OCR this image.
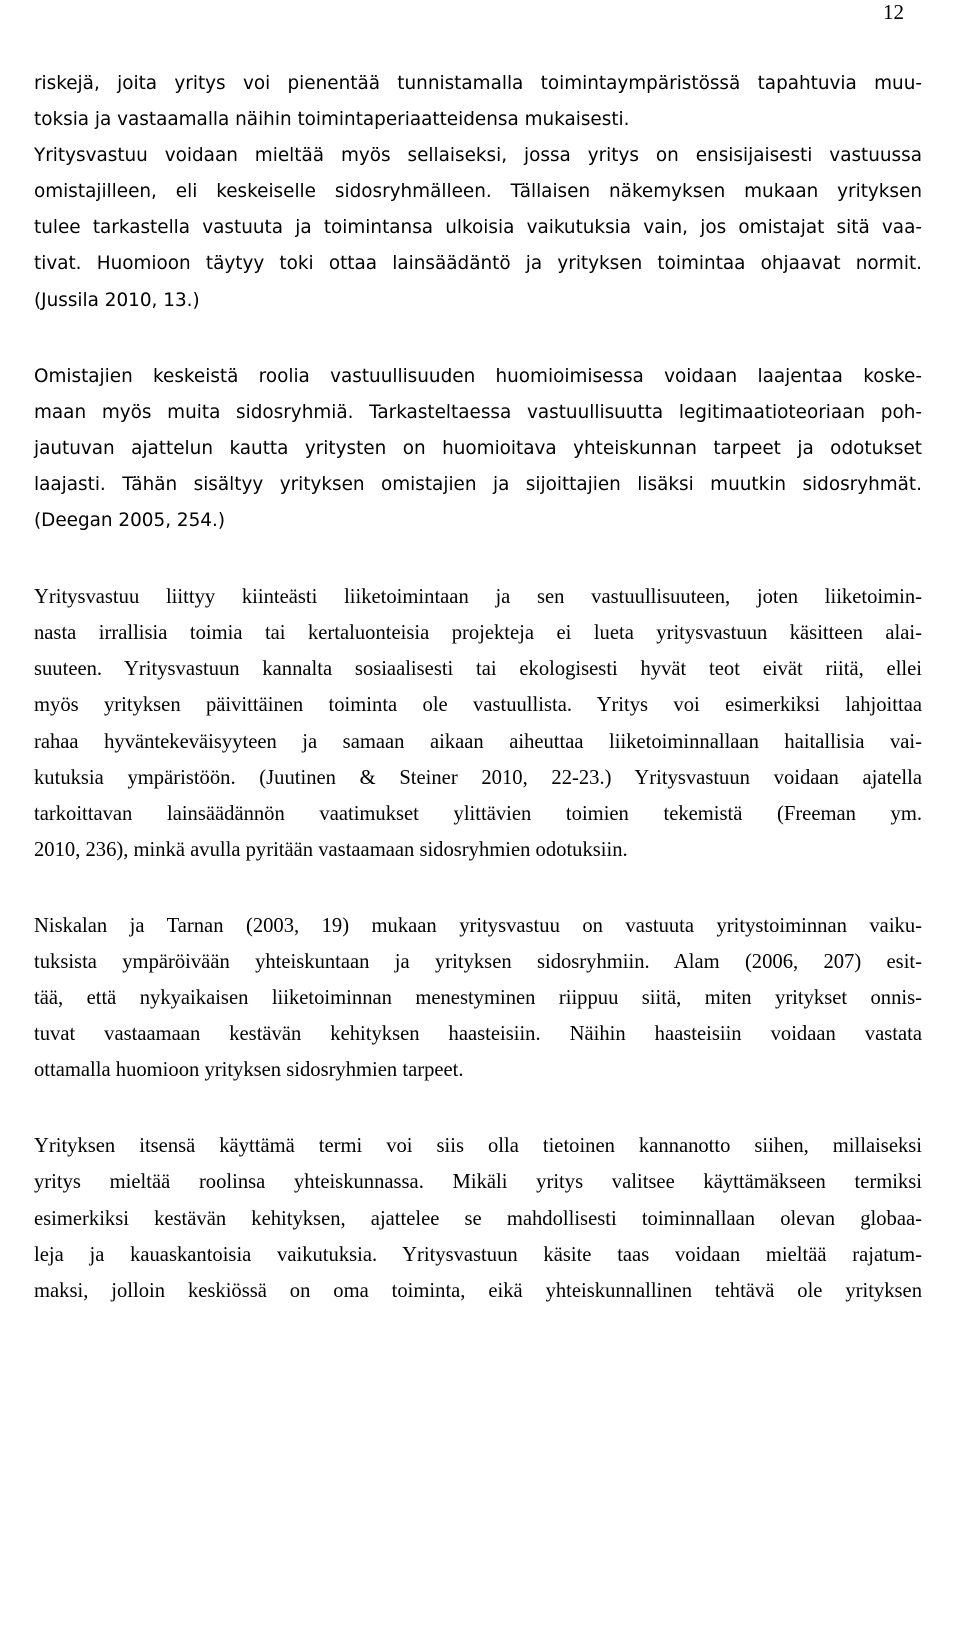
12

riskejä, joita yritys voi pienentää tunnistamalla toimintaympäristössä tapahtuvia muu-
toksia ja vastaamalla näihin toimintaperiaatteidensa mukaisesti.
Yritysvastuu voidaan mieltää myös sellaiseksi, jossa yritys on ensisijaisesti vastuussa
omistajilleen, eli keskeiselle sidosryhmälleen. Tällaisen näkemyksen mukaan yrityksen
tulee tarkastella vastuuta ja toimintansa ulkoisia vaikutuksia vain, jos omistajat sitä vaa-
tivat. Huomioon täytyy toki ottaa lainsäädäntö ja yrityksen toimintaa ohjaavat normit.
(Jussila 2010, 13.)

Omistajien keskeistä roolia vastuullisuuden huomioimisessa voidaan laajentaa koske-
maan myös muita sidosryhmiä. Tarkasteltaessa vastuullisuutta legitimaatioteoriaan poh-
jautuvan ajattelun kautta yritysten on huomioitava yhteiskunnan tarpeet ja odotukset
laajasti. Tähän sisältyy yrityksen omistajien ja sijoittajien lisäksi muutkin sidosryhmät.
(Deegan 2005, 254.)

Yritysvastuu liittyy kiinteästi liiketoimintaan ja sen vastuullisuuteen, joten liiketoimin-
nasta irrallisia toimia tai kertaluonteisia projekteja ei lueta yritysvastuun käsitteen alai-
suuteen. Yritysvastuun kannalta sosiaalisesti tai ekologisesti hyvät teot eivät riitä, ellei
myös yrityksen päivittäinen toiminta ole vastuullista. Yritys voi esimerkiksi lahjoittaa
rahaa hyväntekeväisyyteen ja samaan aikaan aiheuttaa liiketoiminnallaan haitallisia vai-
kutuksia ympäristöön. (Juutinen & Steiner 2010, 22-23.) Yritysvastuun voidaan ajatella
tarkoittavan lainsäädännön vaatimukset ylittävien toimien tekemistä (Freeman ym.
2010, 236), minkä avulla pyritään vastaamaan sidosryhmien odotuksiin.

Niskalan ja Tarnan (2003, 19) mukaan yritysvastuu on vastuuta yritystoiminnan vaiku-
tuksista ympäröivään yhteiskuntaan ja yrityksen sidosryhmiin. Alam (2006, 207) esit-
tää, että nykyaikaisen liiketoiminnan menestyminen riippuu siitä, miten yritykset onnis-
tuvat vastaamaan kestävän kehityksen haasteisiin. Näihin haasteisiin voidaan vastata
ottamalla huomioon yrityksen sidosryhmien tarpeet.

Yrityksen itsensä käyttämä termi voi siis olla tietoinen kannanotto siihen, millaiseksi
yritys mieltää roolinsa yhteiskunnassa. Mikäli yritys valitsee käyttämäkseen termiksi
esimerkiksi kestävän kehityksen, ajattelee se mahdollisesti toiminnallaan olevan globaa-
leja ja kauaskantoisia vaikutuksia. Yritysvastuun käsite taas voidaan mieltää rajatum-
maksi, jolloin keskiössä on oma toiminta, eikä yhteiskunnallinen tehtävä ole yrityksen
